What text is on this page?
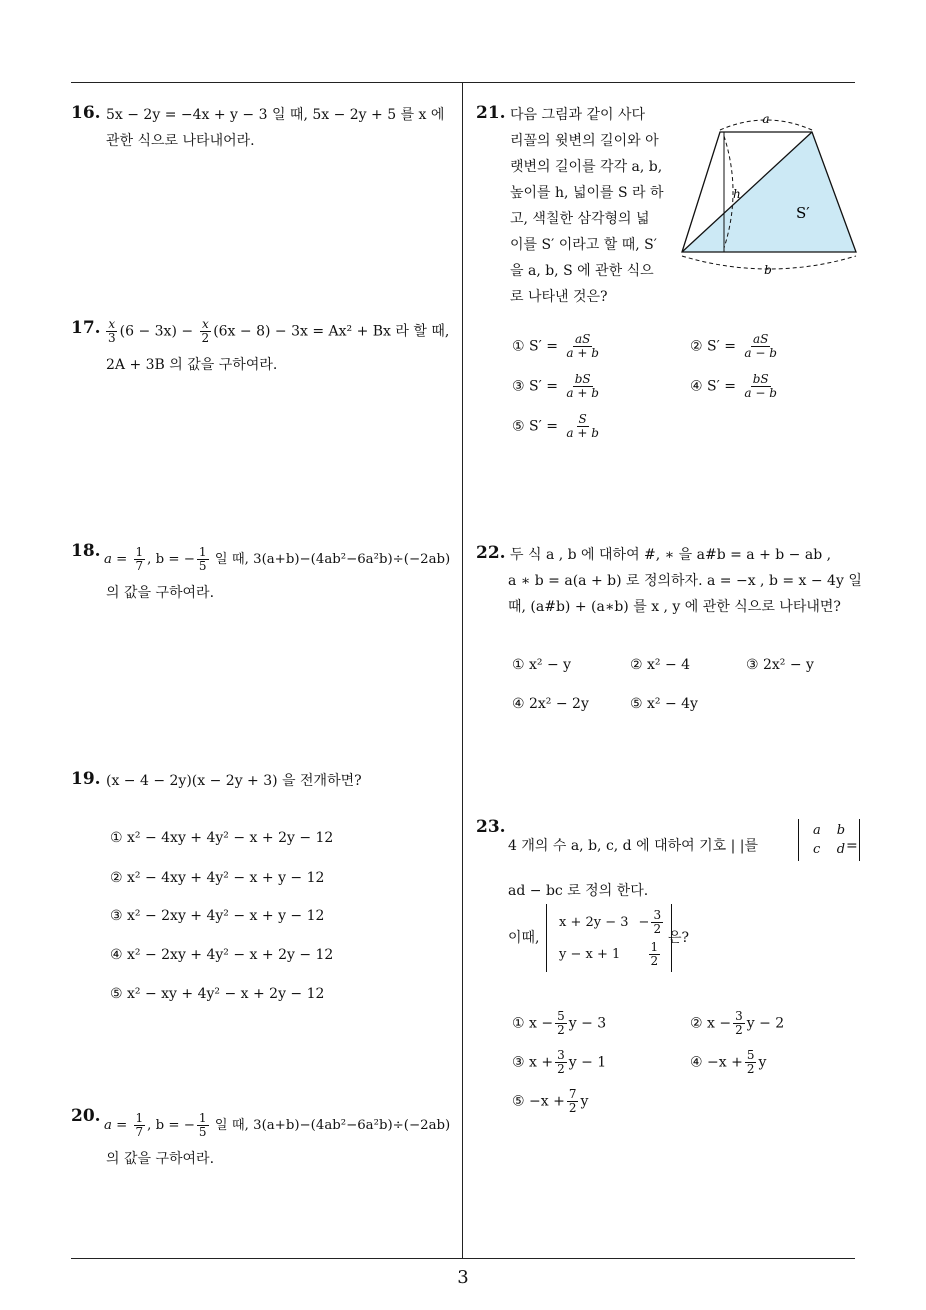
16. 5x − 2y = −4x + y − 3 일 때, 5x − 2y + 5 를 x 에
관한 식으로 나타내어라.
17. $\frac{x}{3} (6 - 3x) - \frac{x}{2} (6x - 8) - 3x = Ax^2 + Bx$ 라 할 때,
2A + 3B 의 값을 구하여라.
18. $a = \frac{1}{7}$ , b = − $\frac{1}{5}$ 일 때, 3(a+b)−(4ab²−6a²b)÷(−2ab)
의 값을 구하여라.
19. (x − 4 − 2y)(x − 2y + 3) 을 전개하면?
① x² − 4xy + 4y² − x + 2y − 12
② x² − 4xy + 4y² − x + y − 12
③ x² − 2xy + 4y² − x + y − 12
④ x² − 2xy + 4y² − x + 2y − 12
⑤ x² − xy + 4y² − x + 2y − 12
20. $a = \frac{1}{7}$ , b = − $\frac{1}{5}$ 일 때, 3(a+b)−(4ab²−6a²b)÷(−2ab)
의 값을 구하여라.
21. 다음 그림과 같이 사다
리꼴의 윗변의 길이와 아
랫변의 길이를 각각 a, b,
높이를 h, 넓이를 S 라 하
고, 색칠한 삼각형의 넓
이를 S′ 이라고 할 때, S′
을 a, b, S 에 관한 식으
로 나타낸 것은?
a
b
h
S′
① $S' = \frac{aS}{a + b}$	② $S' = \frac{aS}{a - b}$
③ $S' = \frac{bS}{a + b}$	④ $S' = \frac{bS}{a - b}$
⑤ $S' = \frac{S}{a + b}$
22. 두 식 a , b 에 대하여 #, ∗ 을 a#b = a + b − ab ,
a ∗ b = a(a + b) 로 정의하자. a = −x , b = x − 4y 일
때, (a#b) + (a∗b) 를 x , y 에 관한 식으로 나타내면?
① x² − y	② x² − 4	③ 2x² − y
④ 2x² − 2y	⑤ x² − 4y
23.
4 개의 수 a, b, c, d 에 대하여 기호 | |를
a	b
c	d =
ad − bc 로 정의 한다.
이때,
x + 2y − 3	− $\frac{3}{2}$

y − x + 1	$\frac{1}{2}$
은?
① $x - \frac{5}{2}$ y − 3	② $x - \frac{3}{2}$ y − 2
③ $x + \frac{3}{2}$ y − 1	④ $-x + \frac{5}{2}$ y
⑤ $-x + \frac{7}{2}$ y
3
